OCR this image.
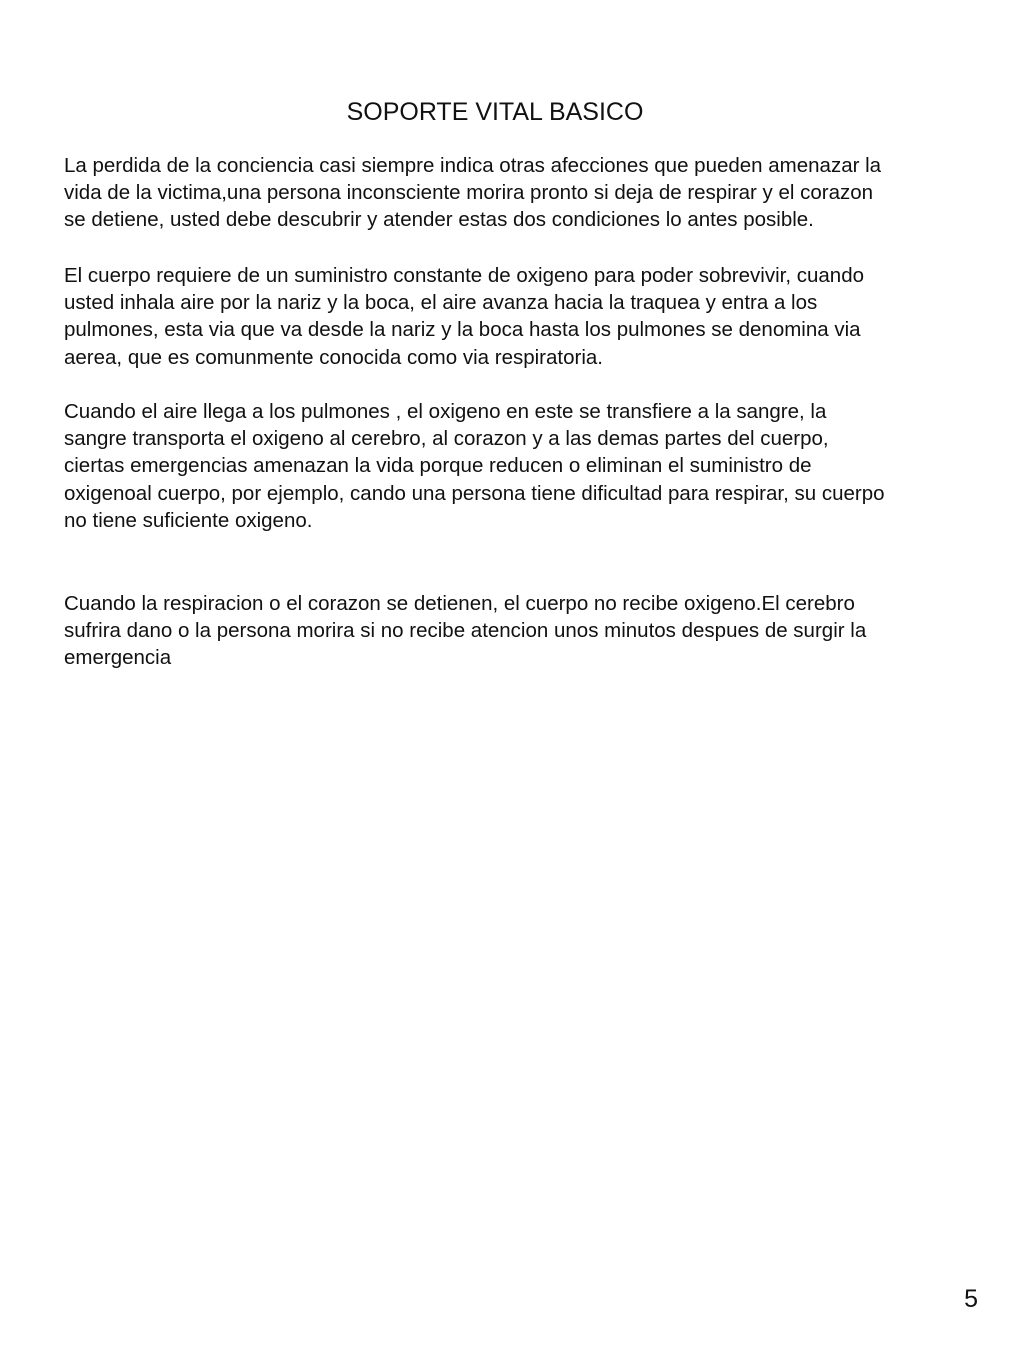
SOPORTE VITAL BASICO

La perdida de la conciencia casi siempre indica otras afecciones que pueden amenazar la
vida de la victima,una persona inconsciente morira pronto si deja de respirar y el corazon
se detiene, usted debe descubrir y atender estas dos condiciones lo antes posible.

El cuerpo requiere de un suministro constante de oxigeno para poder sobrevivir, cuando
usted inhala aire por la nariz y la boca, el aire avanza hacia la traquea y entra a los
pulmones, esta via que va desde la nariz y la boca hasta los pulmones se denomina via
aerea, que es comunmente conocida como via respiratoria.

Cuando el aire llega a los pulmones , el oxigeno en este se transfiere a la sangre, la
sangre transporta el oxigeno al cerebro, al corazon y a las demas partes del cuerpo,
ciertas emergencias amenazan la vida porque reducen o eliminan el suministro de
oxigenoal cuerpo, por ejemplo, cando una persona tiene dificultad para respirar, su cuerpo
no tiene suficiente oxigeno.

Cuando la respiracion o el corazon se detienen, el cuerpo no recibe oxigeno.El cerebro
sufrira dano o la persona morira si no recibe atencion unos minutos despues de surgir la
emergencia

5
